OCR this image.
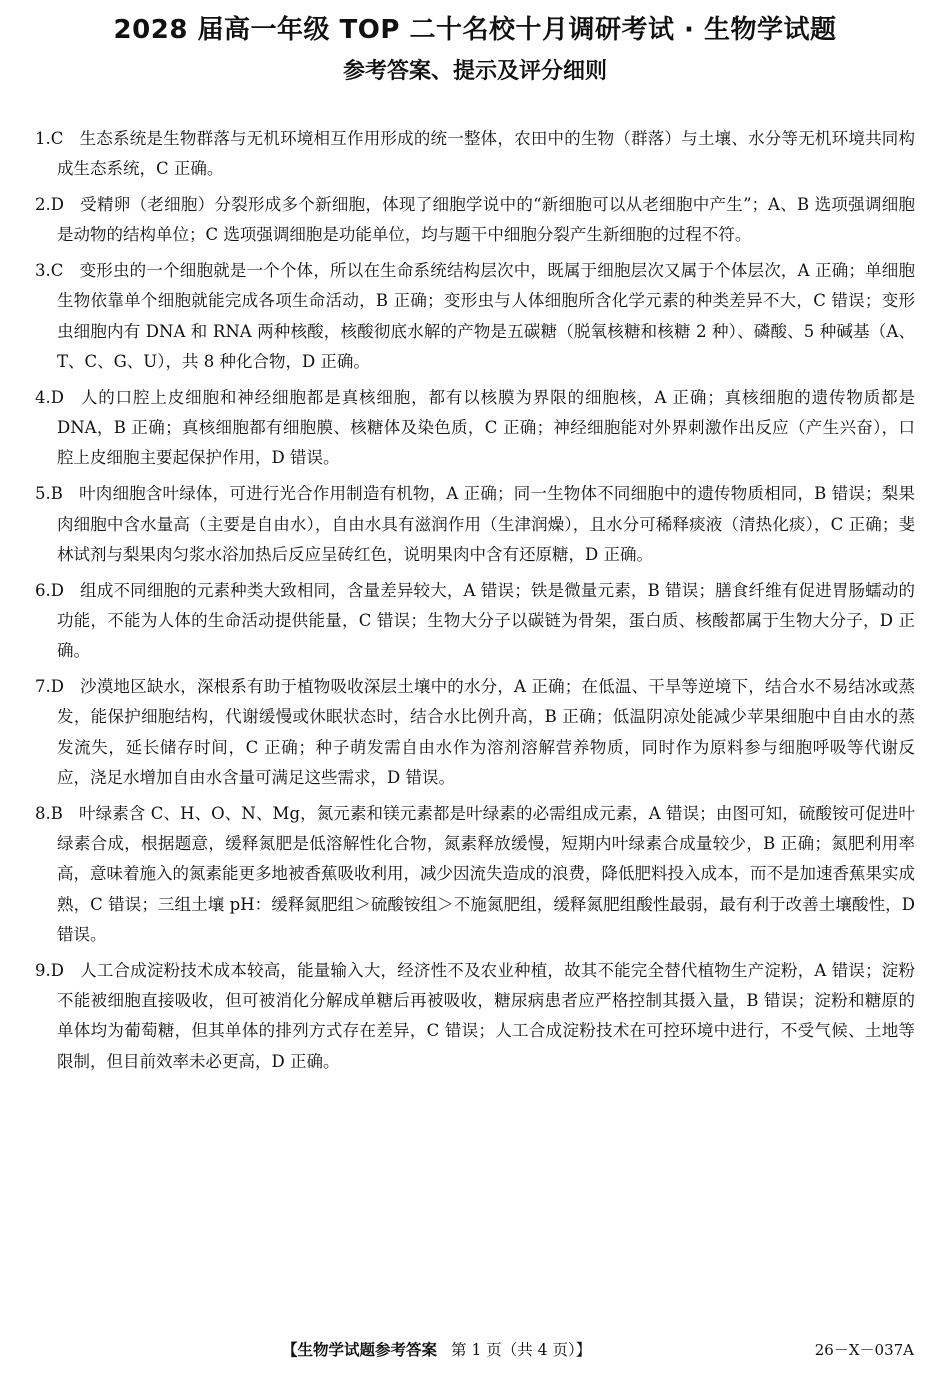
2028 届高一年级 TOP 二十名校十月调研考试 · 生物学试题
参考答案、提示及评分细则
1.C 生态系统是生物群落与无机环境相互作用形成的统一整体，农田中的生物（群落）与土壤、水分等无机环境共同构成生态系统，C 正确。
2.D 受精卵（老细胞）分裂形成多个新细胞，体现了细胞学说中的“新细胞可以从老细胞中产生”；A、B 选项强调细胞是动物的结构单位；C 选项强调细胞是功能单位，均与题干中细胞分裂产生新细胞的过程不符。
3.C 变形虫的一个细胞就是一个个体，所以在生命系统结构层次中，既属于细胞层次又属于个体层次，A 正确；单细胞生物依靠单个细胞就能完成各项生命活动，B 正确；变形虫与人体细胞所含化学元素的种类差异不大，C 错误；变形虫细胞内有 DNA 和 RNA 两种核酸，核酸彻底水解的产物是五碳糖（脱氧核糖和核糖 2 种）、磷酸、5 种碱基（A、T、C、G、U），共 8 种化合物，D 正确。
4.D 人的口腔上皮细胞和神经细胞都是真核细胞，都有以核膜为界限的细胞核，A 正确；真核细胞的遗传物质都是 DNA，B 正确；真核细胞都有细胞膜、核糖体及染色质，C 正确；神经细胞能对外界刺激作出反应（产生兴奋），口腔上皮细胞主要起保护作用，D 错误。
5.B 叶肉细胞含叶绿体，可进行光合作用制造有机物，A 正确；同一生物体不同细胞中的遗传物质相同，B 错误；梨果肉细胞中含水量高（主要是自由水），自由水具有滋润作用（生津润燥），且水分可稀释痰液（清热化痰），C 正确；斐林试剂与梨果肉匀浆水浴加热后反应呈砖红色，说明果肉中含有还原糖，D 正确。
6.D 组成不同细胞的元素种类大致相同，含量差异较大，A 错误；铁是微量元素，B 错误；膳食纤维有促进胃肠蠕动的功能，不能为人体的生命活动提供能量，C 错误；生物大分子以碳链为骨架，蛋白质、核酸都属于生物大分子，D 正确。
7.D 沙漠地区缺水，深根系有助于植物吸收深层土壤中的水分，A 正确；在低温、干旱等逆境下，结合水不易结冰或蒸发，能保护细胞结构，代谢缓慢或休眠状态时，结合水比例升高，B 正确；低温阴凉处能减少苹果细胞中自由水的蒸发流失，延长储存时间，C 正确；种子萌发需自由水作为溶剂溶解营养物质，同时作为原料参与细胞呼吸等代谢反应，浇足水增加自由水含量可满足这些需求，D 错误。
8.B 叶绿素含 C、H、O、N、Mg，氮元素和镁元素都是叶绿素的必需组成元素，A 错误；由图可知，硫酸铵可促进叶绿素合成，根据题意，缓释氮肥是低溶解性化合物，氮素释放缓慢，短期内叶绿素合成量较少，B 正确；氮肥利用率高，意味着施入的氮素能更多地被香蕉吸收利用，减少因流失造成的浪费，降低肥料投入成本，而不是加速香蕉果实成熟，C 错误；三组土壤 pH：缓释氮肥组＞硫酸铵组＞不施氮肥组，缓释氮肥组酸性最弱，最有利于改善土壤酸性，D 错误。
9.D 人工合成淀粉技术成本较高，能量输入大，经济性不及农业种植，故其不能完全替代植物生产淀粉，A 错误；淀粉不能被细胞直接吸收，但可被消化分解成单糖后再被吸收，糖尿病患者应严格控制其摄入量，B 错误；淀粉和糖原的单体均为葡萄糖，但其单体的排列方式存在差异，C 错误；人工合成淀粉技术在可控环境中进行，不受气候、土地等限制，但目前效率未必更高，D 正确。
【生物学试题参考答案 第 1 页（共 4 页）】	26－X－037A
